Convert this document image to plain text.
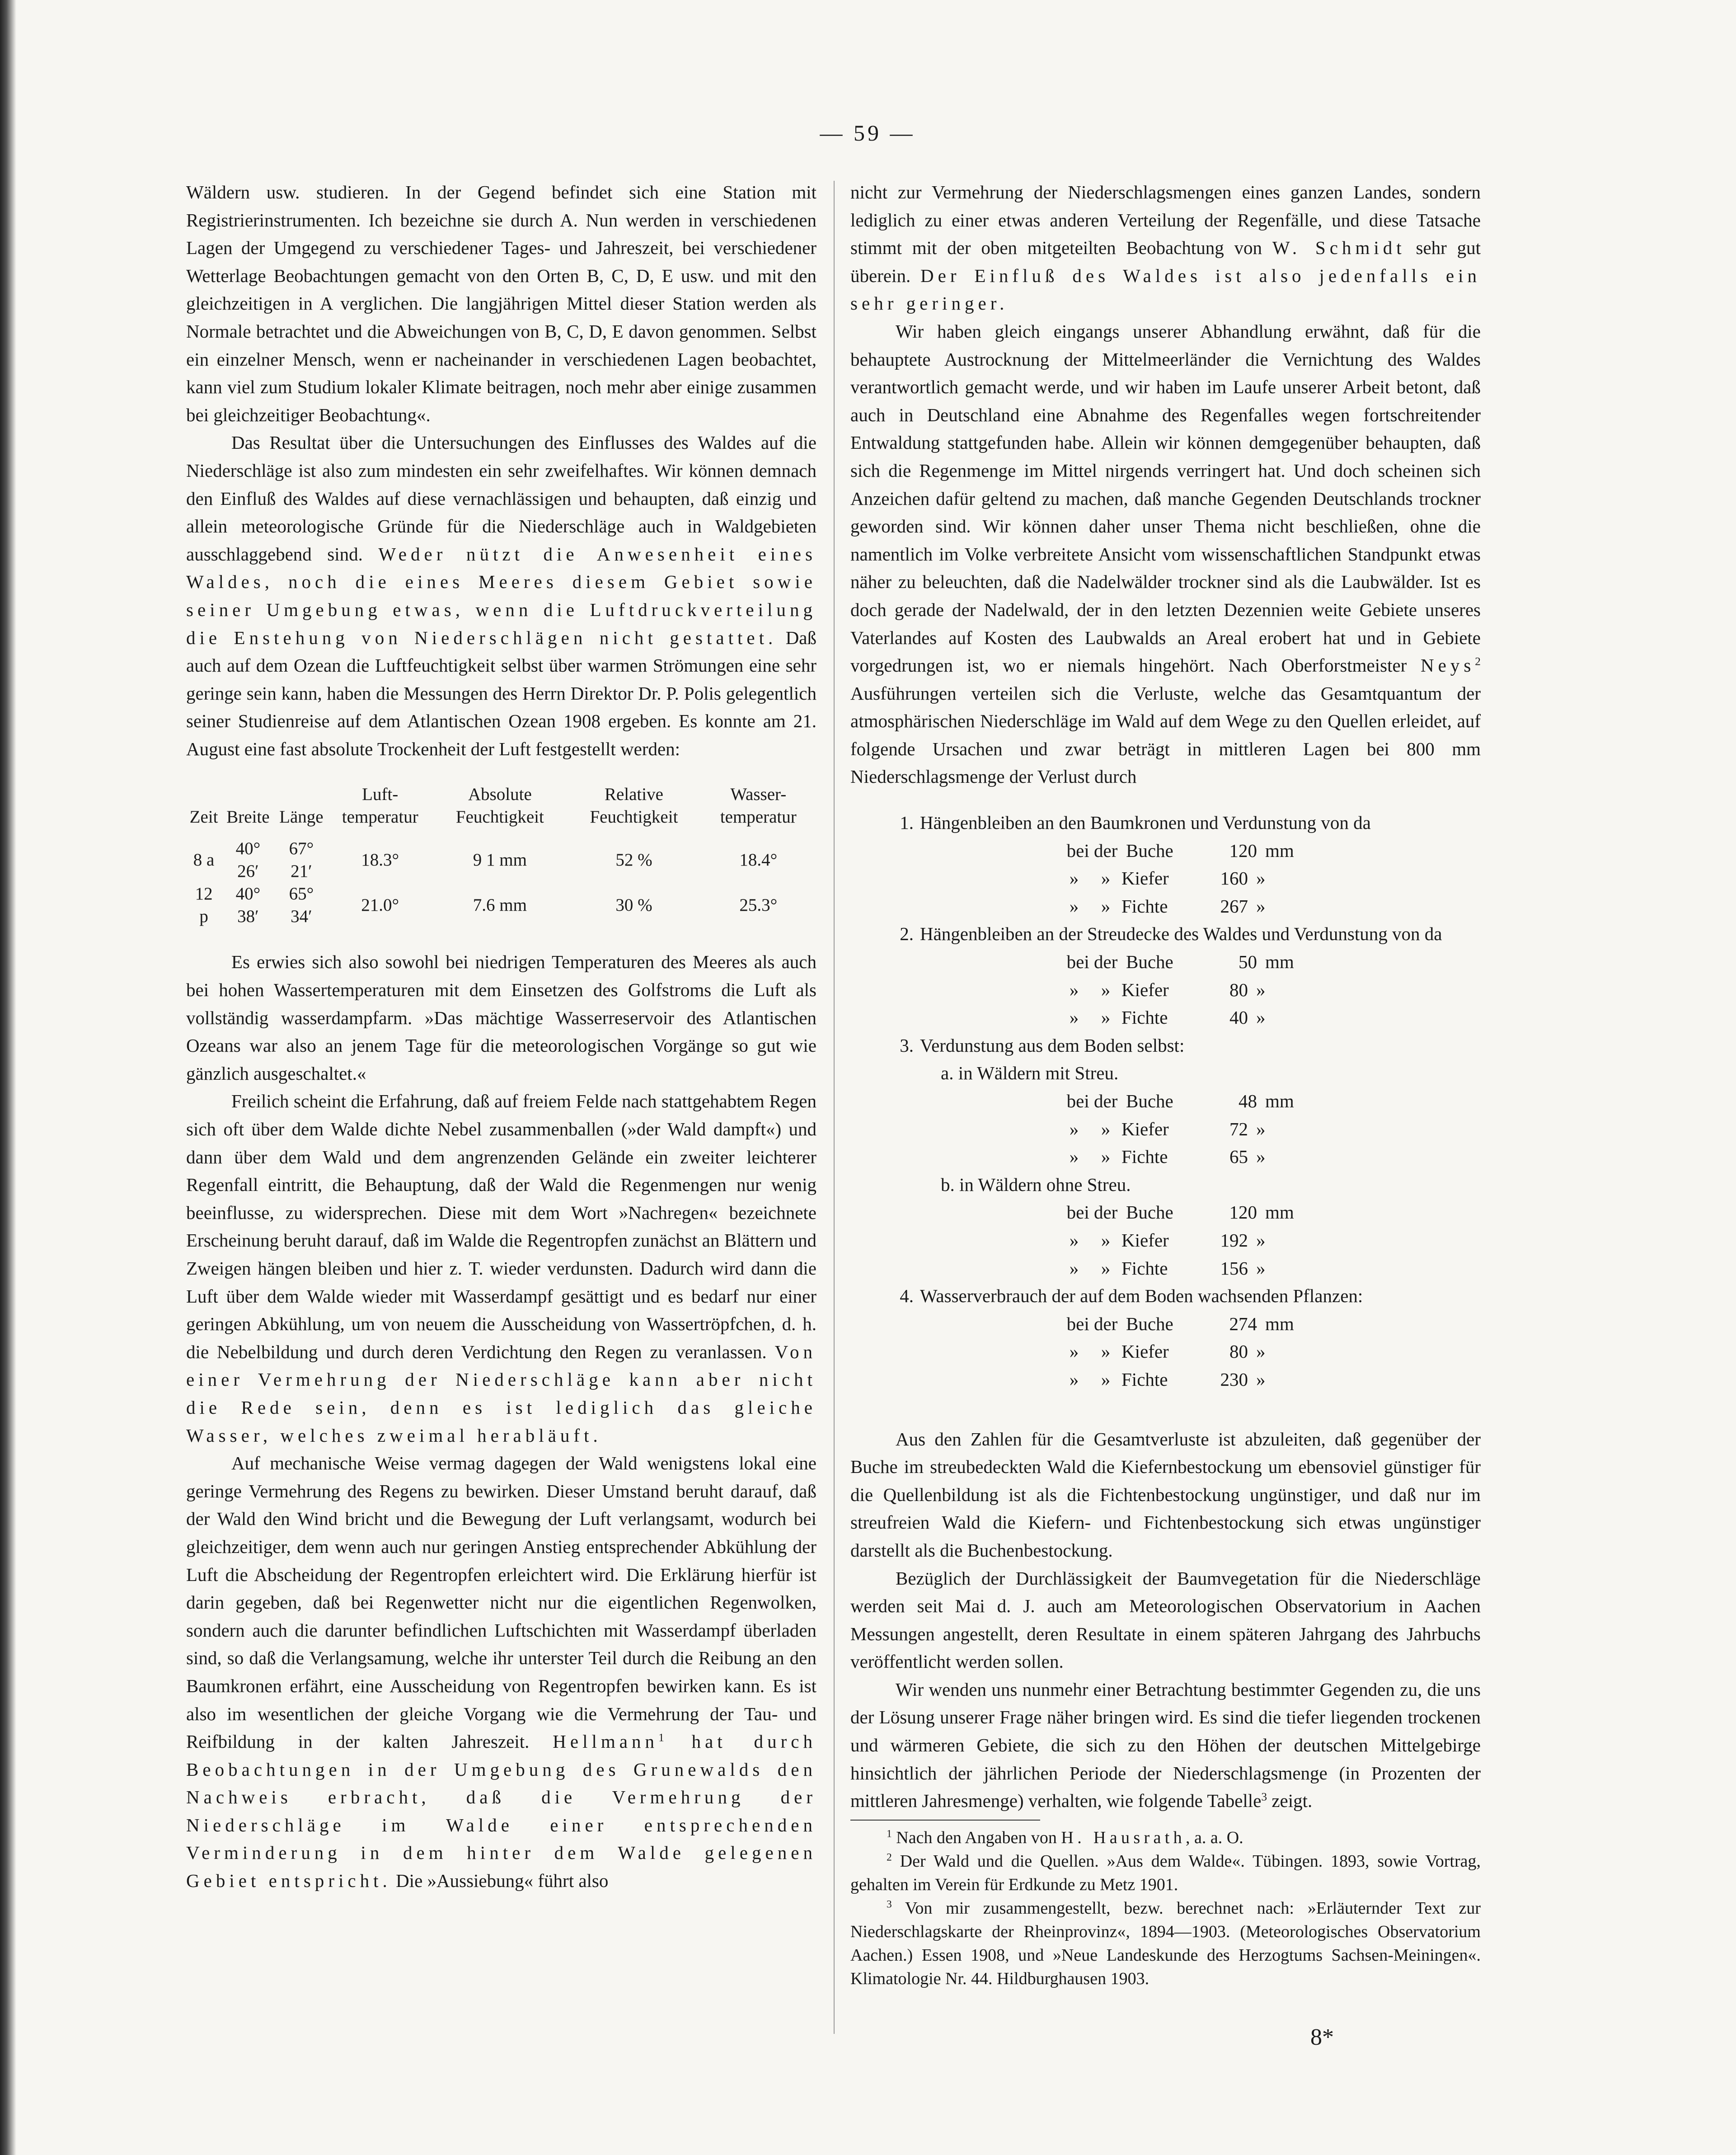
— 59 —

Wäldern usw. studieren. In der Gegend befindet sich eine Station mit Registrierinstrumenten. Ich bezeichne sie durch A. Nun werden in verschiedenen Lagen der Umgegend zu verschiedener Tages- und Jahreszeit, bei verschiedener Wetterlage Beobachtungen gemacht von den Orten B, C, D, E usw. und mit den gleichzeitigen in A verglichen. Die langjährigen Mittel dieser Station werden als Normale betrachtet und die Abweichungen von B, C, D, E davon genommen. Selbst ein einzelner Mensch, wenn er nacheinander in verschiedenen Lagen beobachtet, kann viel zum Studium lokaler Klimate beitragen, noch mehr aber einige zusammen bei gleichzeitiger Beobachtung«.

Das Resultat über die Untersuchungen des Einflusses des Waldes auf die Niederschläge ist also zum mindesten ein sehr zweifelhaftes. Wir können demnach den Einfluß des Waldes auf diese vernachlässigen und behaupten, daß einzig und allein meteorologische Gründe für die Niederschläge auch in Waldgebieten ausschlaggebend sind. Weder nützt die Anwesenheit eines Waldes, noch die eines Meeres diesem Gebiet sowie seiner Umgebung etwas, wenn die Luftdruckverteilung die Enstehung von Niederschlägen nicht gestattet. Daß auch auf dem Ozean die Luftfeuchtigkeit selbst über warmen Strömungen eine sehr geringe sein kann, haben die Messungen des Herrn Direktor Dr. P. Polis gelegentlich seiner Studienreise auf dem Atlantischen Ozean 1908 ergeben. Es konnte am 21. August eine fast absolute Trockenheit der Luft festgestellt werden:

Zeit	Breite	Länge	Luft-temperatur	Absolute Feuchtigkeit	Relative Feuchtigkeit	Wasser-temperatur
8 a	40° 26′	67° 21′	18.3°	9 1 mm	52 %	18.4°
12 p	40° 38′	65° 34′	21.0°	7.6 mm	30 %	25.3°

Es erwies sich also sowohl bei niedrigen Temperaturen des Meeres als auch bei hohen Wassertemperaturen mit dem Einsetzen des Golfstroms die Luft als vollständig wasserdampfarm. »Das mächtige Wasserreservoir des Atlantischen Ozeans war also an jenem Tage für die meteorologischen Vorgänge so gut wie gänzlich ausgeschaltet.«

Freilich scheint die Erfahrung, daß auf freiem Felde nach stattgehabtem Regen sich oft über dem Walde dichte Nebel zusammenballen (»der Wald dampft«) und dann über dem Wald und dem angrenzenden Gelände ein zweiter leichterer Regenfall eintritt, die Behauptung, daß der Wald die Regenmengen nur wenig beeinflusse, zu widersprechen. Diese mit dem Wort »Nachregen« bezeichnete Erscheinung beruht darauf, daß im Walde die Regentropfen zunächst an Blättern und Zweigen hängen bleiben und hier z. T. wieder verdunsten. Dadurch wird dann die Luft über dem Walde wieder mit Wasserdampf gesättigt und es bedarf nur einer geringen Abkühlung, um von neuem die Ausscheidung von Wassertröpfchen, d. h. die Nebelbildung und durch deren Verdichtung den Regen zu veranlassen. Von einer Vermehrung der Niederschläge kann aber nicht die Rede sein, denn es ist lediglich das gleiche Wasser, welches zweimal herabläuft.

Auf mechanische Weise vermag dagegen der Wald wenigstens lokal eine geringe Vermehrung des Regens zu bewirken. Dieser Umstand beruht darauf, daß der Wald den Wind bricht und die Bewegung der Luft verlangsamt, wodurch bei gleichzeitiger, dem wenn auch nur geringen Anstieg entsprechender Abkühlung der Luft die Abscheidung der Regentropfen erleichtert wird. Die Erklärung hierfür ist darin gegeben, daß bei Regenwetter nicht nur die eigentlichen Regenwolken, sondern auch die darunter befindlichen Luftschichten mit Wasserdampf überladen sind, so daß die Verlangsamung, welche ihr unterster Teil durch die Reibung an den Baumkronen erfährt, eine Ausscheidung von Regentropfen bewirken kann. Es ist also im wesentlichen der gleiche Vorgang wie die Vermehrung der Tau- und Reifbildung in der kalten Jahreszeit. Hellmann$^1$ hat durch Beobachtungen in der Umgebung des Grunewalds den Nachweis erbracht, daß die Vermehrung der Niederschläge im Walde einer entsprechenden Verminderung in dem hinter dem Walde gelegenen Gebiet entspricht. Die »Aussiebung« führt also

nicht zur Vermehrung der Niederschlagsmengen eines ganzen Landes, sondern lediglich zu einer etwas anderen Verteilung der Regenfälle, und diese Tatsache stimmt mit der oben mitgeteilten Beobachtung von W. Schmidt sehr gut überein. Der Einfluß des Waldes ist also jedenfalls ein sehr geringer.

Wir haben gleich eingangs unserer Abhandlung erwähnt, daß für die behauptete Austrocknung der Mittelmeerländer die Vernichtung des Waldes verantwortlich gemacht werde, und wir haben im Laufe unserer Arbeit betont, daß auch in Deutschland eine Abnahme des Regenfalles wegen fortschreitender Entwaldung stattgefunden habe. Allein wir können demgegenüber behaupten, daß sich die Regenmenge im Mittel nirgends verringert hat. Und doch scheinen sich Anzeichen dafür geltend zu machen, daß manche Gegenden Deutschlands trockner geworden sind. Wir können daher unser Thema nicht beschließen, ohne die namentlich im Volke verbreitete Ansicht vom wissenschaftlichen Standpunkt etwas näher zu beleuchten, daß die Nadelwälder trockner sind als die Laubwälder. Ist es doch gerade der Nadelwald, der in den letzten Dezennien weite Gebiete unseres Vaterlandes auf Kosten des Laubwalds an Areal erobert hat und in Gebiete vorgedrungen ist, wo er niemals hingehört. Nach Oberforstmeister Neys$^2$ Ausführungen verteilen sich die Verluste, welche das Gesamtquantum der atmosphärischen Niederschläge im Wald auf dem Wege zu den Quellen erleidet, auf folgende Ursachen und zwar beträgt in mittleren Lagen bei 800 mm Niederschlagsmenge der Verlust durch

1. Hängenbleiben an den Baumkronen und Verdunstung von da
bei der Buche	120 mm
»	» Kiefer	160 »
»	» Fichte	267 »
2. Hängenbleiben an der Streudecke des Waldes und Verdunstung von da
bei der Buche	50 mm
»	» Kiefer	80 »
»	» Fichte	40 »
3. Verdunstung aus dem Boden selbst:
a. in Wäldern mit Streu.
bei der Buche	48 mm
»	» Kiefer	72 »
»	» Fichte	65 »
b. in Wäldern ohne Streu.
bei der Buche	120 mm
»	» Kiefer	192 »
»	» Fichte	156 »
4. Wasserverbrauch der auf dem Boden wachsenden Pflanzen:
bei der Buche	274 mm
»	» Kiefer	80 »
»	» Fichte	230 »

Aus den Zahlen für die Gesamtverluste ist abzuleiten, daß gegenüber der Buche im streubedeckten Wald die Kiefernbestockung um ebensoviel günstiger für die Quellenbildung ist als die Fichtenbestockung ungünstiger, und daß nur im streufreien Wald die Kiefern- und Fichtenbestockung sich etwas ungünstiger darstellt als die Buchenbestockung.

Bezüglich der Durchlässigkeit der Baumvegetation für die Niederschläge werden seit Mai d. J. auch am Meteorologischen Observatorium in Aachen Messungen angestellt, deren Resultate in einem späteren Jahrgang des Jahrbuchs veröffentlicht werden sollen.

Wir wenden uns nunmehr einer Betrachtung bestimmter Gegenden zu, die uns der Lösung unserer Frage näher bringen wird. Es sind die tiefer liegenden trockenen und wärmeren Gebiete, die sich zu den Höhen der deutschen Mittelgebirge hinsichtlich der jährlichen Periode der Niederschlagsmenge (in Prozenten der mittleren Jahresmenge) verhalten, wie folgende Tabelle$^3$ zeigt.

$^1$ Nach den Angaben von H. Hausrath, a. a. O.

$^2$ Der Wald und die Quellen. »Aus dem Walde«. Tübingen. 1893, sowie Vortrag, gehalten im Verein für Erdkunde zu Metz 1901.

$^3$ Von mir zusammengestellt, bezw. berechnet nach: »Erläuternder Text zur Niederschlagskarte der Rheinprovinz«, 1894—1903. (Meteorologisches Observatorium Aachen.) Essen 1908, und »Neue Landeskunde des Herzogtums Sachsen-Meiningen«. Klimatologie Nr. 44. Hildburghausen 1903.

8*
